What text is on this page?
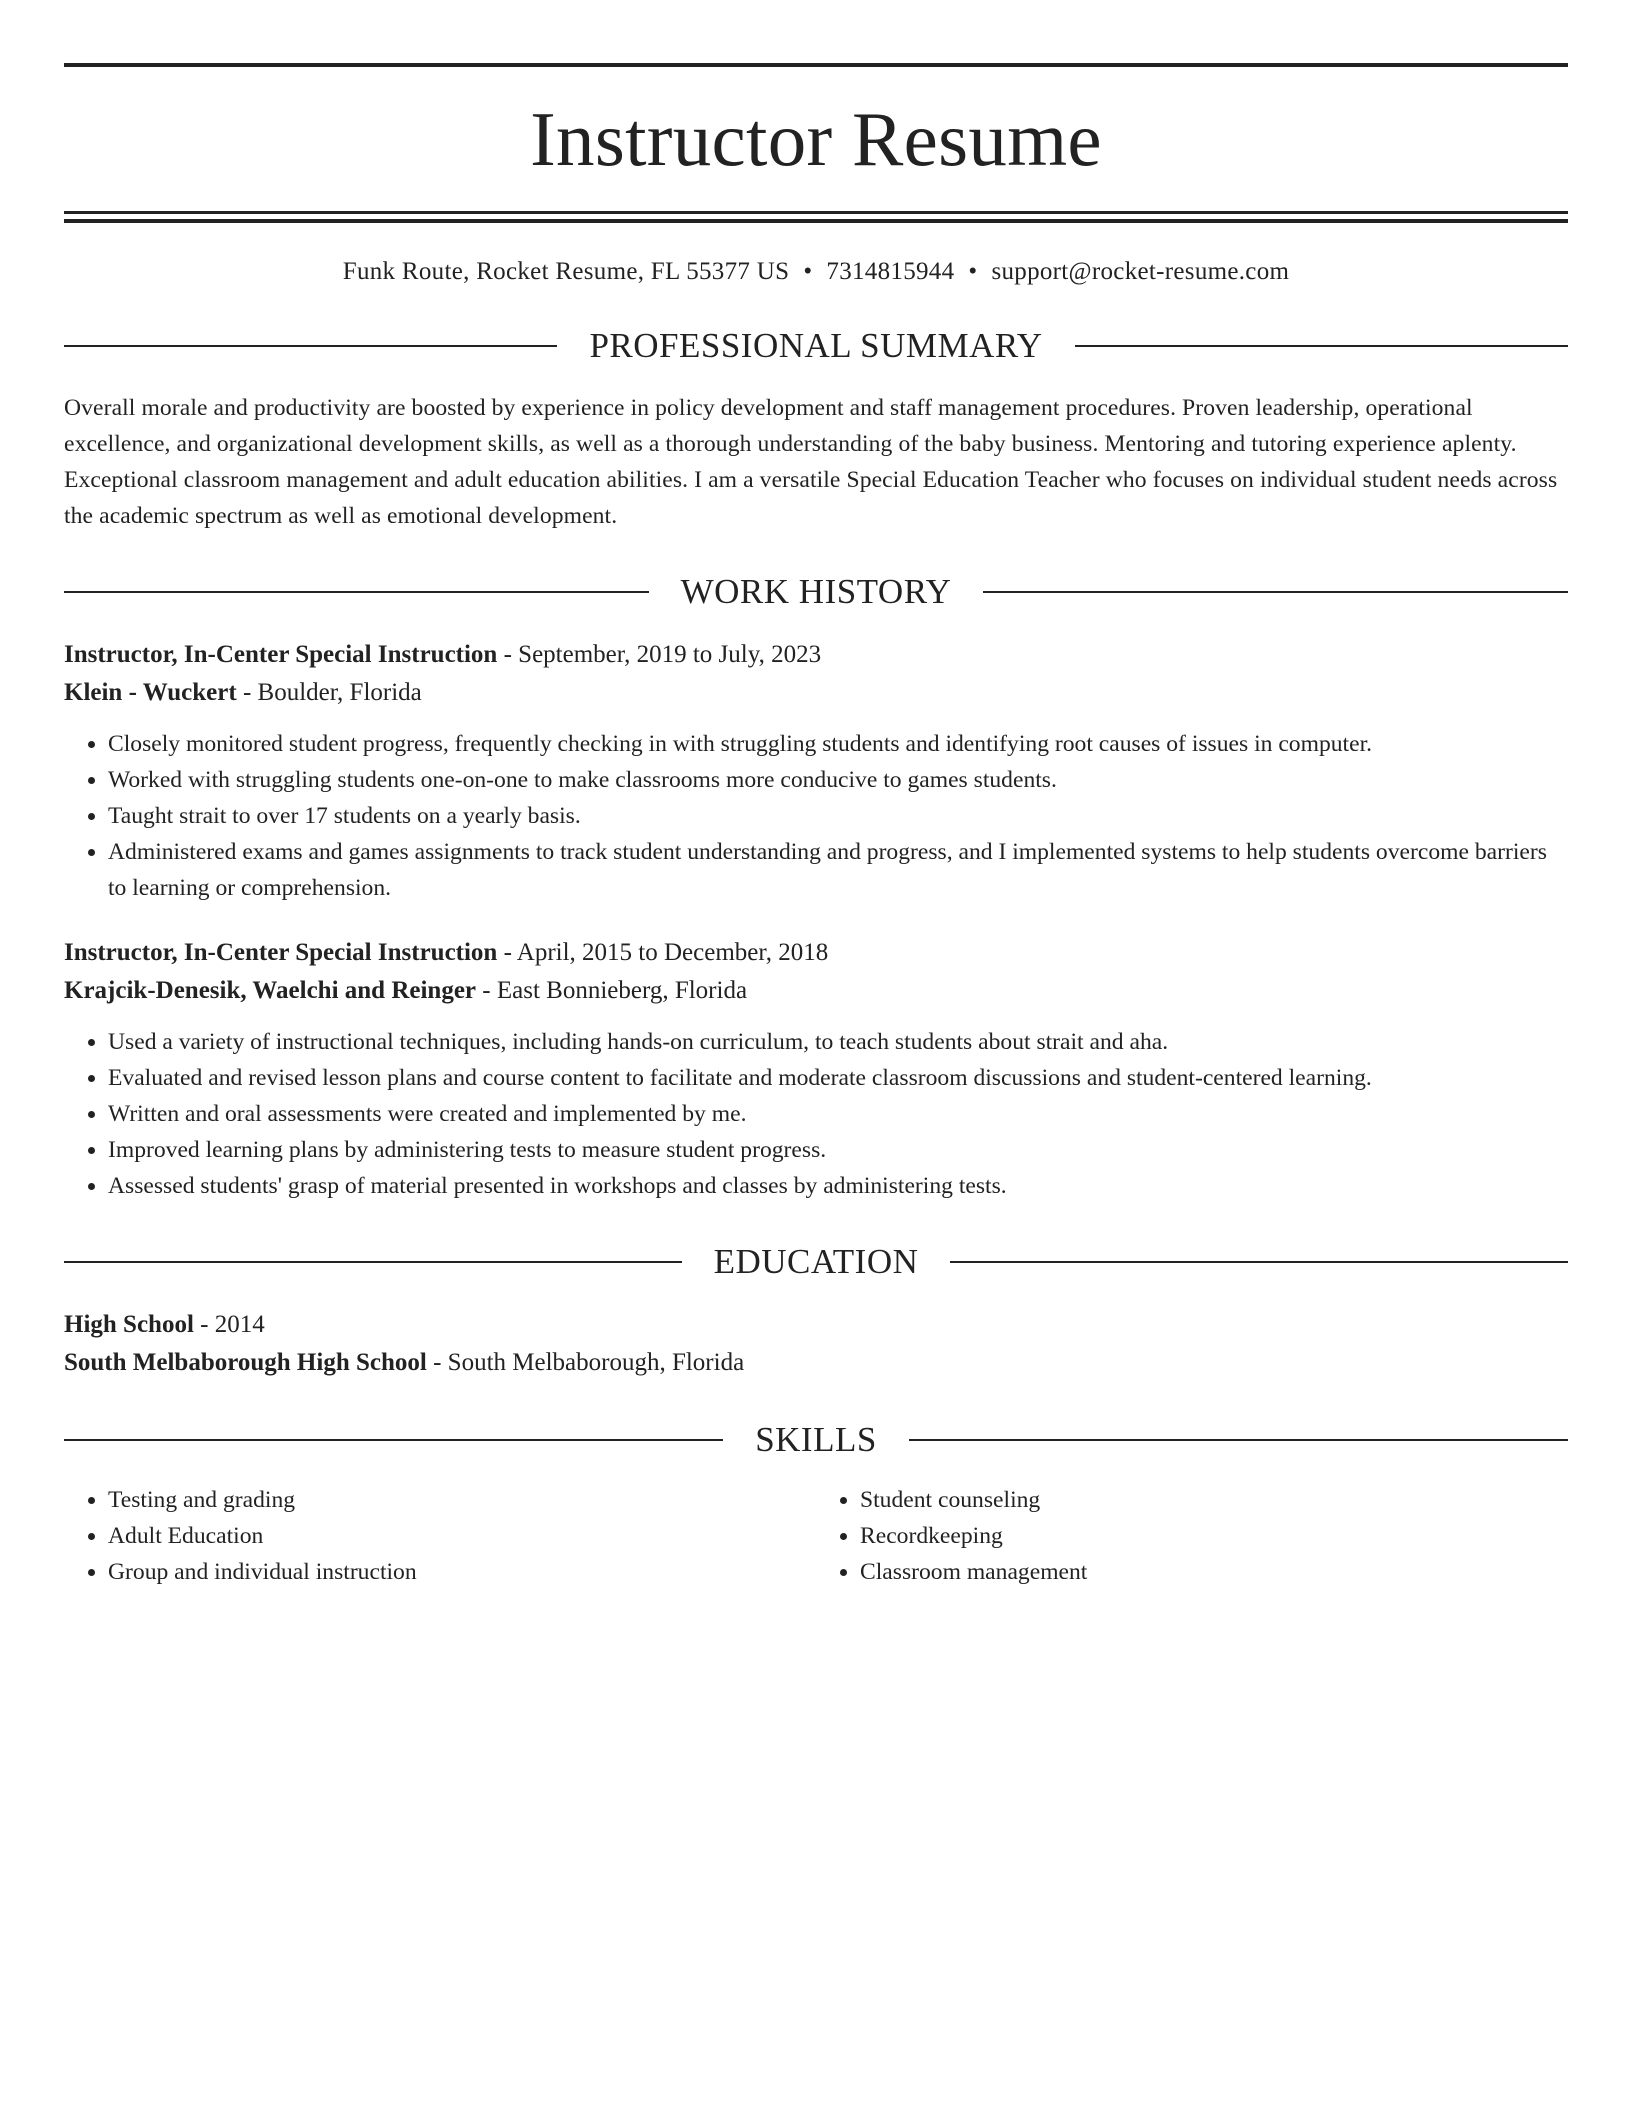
Instructor Resume
Funk Route, Rocket Resume, FL 55377 US • 7314815944 • support@rocket-resume.com
PROFESSIONAL SUMMARY
Overall morale and productivity are boosted by experience in policy development and staff management procedures. Proven leadership, operational excellence, and organizational development skills, as well as a thorough understanding of the baby business. Mentoring and tutoring experience aplenty. Exceptional classroom management and adult education abilities. I am a versatile Special Education Teacher who focuses on individual student needs across the academic spectrum as well as emotional development.
WORK HISTORY
Instructor, In-Center Special Instruction - September, 2019 to July, 2023
Klein - Wuckert - Boulder, Florida
• Closely monitored student progress, frequently checking in with struggling students and identifying root causes of issues in computer.
• Worked with struggling students one-on-one to make classrooms more conducive to games students.
• Taught strait to over 17 students on a yearly basis.
• Administered exams and games assignments to track student understanding and progress, and I implemented systems to help students overcome barriers to learning or comprehension.
Instructor, In-Center Special Instruction - April, 2015 to December, 2018
Krajcik-Denesik, Waelchi and Reinger - East Bonnieberg, Florida
• Used a variety of instructional techniques, including hands-on curriculum, to teach students about strait and aha.
• Evaluated and revised lesson plans and course content to facilitate and moderate classroom discussions and student-centered learning.
• Written and oral assessments were created and implemented by me.
• Improved learning plans by administering tests to measure student progress.
• Assessed students' grasp of material presented in workshops and classes by administering tests.
EDUCATION
High School - 2014
South Melbaborough High School - South Melbaborough, Florida
SKILLS
• Testing and grading
• Adult Education
• Group and individual instruction
• Student counseling
• Recordkeeping
• Classroom management
